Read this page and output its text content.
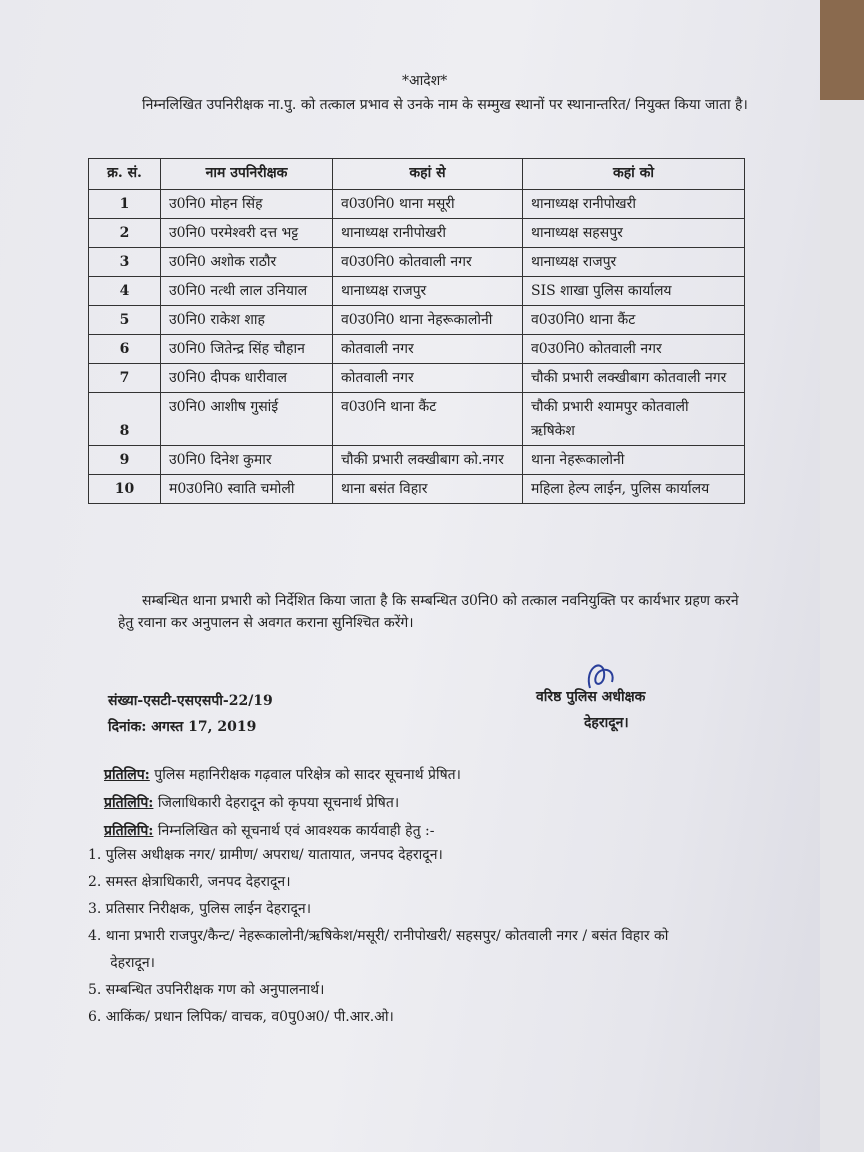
*आदेश*
निम्नलिखित उपनिरीक्षक ना.पु. को तत्काल प्रभाव से उनके नाम के सम्मुख स्थानों पर स्थानान्तरित/ नियुक्त किया जाता है।
क्र. सं.	नाम उपनिरीक्षक	कहां से	कहां को
1	उ0नि0 मोहन सिंह	व0उ0नि0 थाना मसूरी	थानाध्यक्ष रानीपोखरी
2	उ0नि0 परमेश्वरी दत्त भट्ट	थानाध्यक्ष रानीपोखरी	थानाध्यक्ष सहसपुर
3	उ0नि0 अशोक राठौर	व0उ0नि0 कोतवाली नगर	थानाध्यक्ष राजपुर
4	उ0नि0 नत्थी लाल उनियाल	थानाध्यक्ष राजपुर	SIS शाखा पुलिस कार्यालय
5	उ0नि0 राकेश शाह	व0उ0नि0 थाना नेहरूकालोनी	व0उ0नि0 थाना कैंट
6	उ0नि0 जितेन्द्र सिंह चौहान	कोतवाली नगर	व0उ0नि0 कोतवाली नगर
7	उ0नि0 दीपक धारीवाल	कोतवाली नगर	चौकी प्रभारी लक्खीबाग कोतवाली नगर
8	उ0नि0 आशीष गुसांई	व0उ0नि थाना कैंट	चौकी प्रभारी श्यामपुर कोतवाली ऋषिकेश
9	उ0नि0 दिनेश कुमार	चौकी प्रभारी लक्खीबाग को.नगर	थाना नेहरूकालोनी
10	म0उ0नि0 स्वाति चमोली	थाना बसंत विहार	महिला हेल्प लाईन, पुलिस कार्यालय
सम्बन्धित थाना प्रभारी को निर्देशित किया जाता है कि सम्बन्धित उ0नि0 को तत्काल नवनियुक्ति पर कार्यभार ग्रहण करने हेतु रवाना कर अनुपालन से अवगत कराना सुनिश्चित करेंगे।
संख्या-एसटी-एसएसपी-22/19
दिनांक: अगस्त 17, 2019
वरिष्ठ पुलिस अधीक्षक
देहरादून।
प्रतिलिप: पुलिस महानिरीक्षक गढ़वाल परिक्षेत्र को सादर सूचनार्थ प्रेषित।
प्रतिलिपि: जिलाधिकारी देहरादून को कृपया सूचनार्थ प्रेषित।
प्रतिलिपि: निम्नलिखित को सूचनार्थ एवं आवश्यक कार्यवाही हेतु :-
1. पुलिस अधीक्षक नगर/ ग्रामीण/ अपराध/ यातायात, जनपद देहरादून।
2. समस्त क्षेत्राधिकारी, जनपद देहरादून।
3. प्रतिसार निरीक्षक, पुलिस लाईन देहरादून।
4. थाना प्रभारी राजपुर/कैन्ट/ नेहरूकालोनी/ऋषिकेश/मसूरी/ रानीपोखरी/ सहसपुर/ कोतवाली नगर / बसंत विहार को
देहरादून।
5. सम्बन्धित उपनिरीक्षक गण को अनुपालनार्थ।
6. आकिंक/ प्रधान लिपिक/ वाचक, व0पु0अ0/ पी.आर.ओ।
